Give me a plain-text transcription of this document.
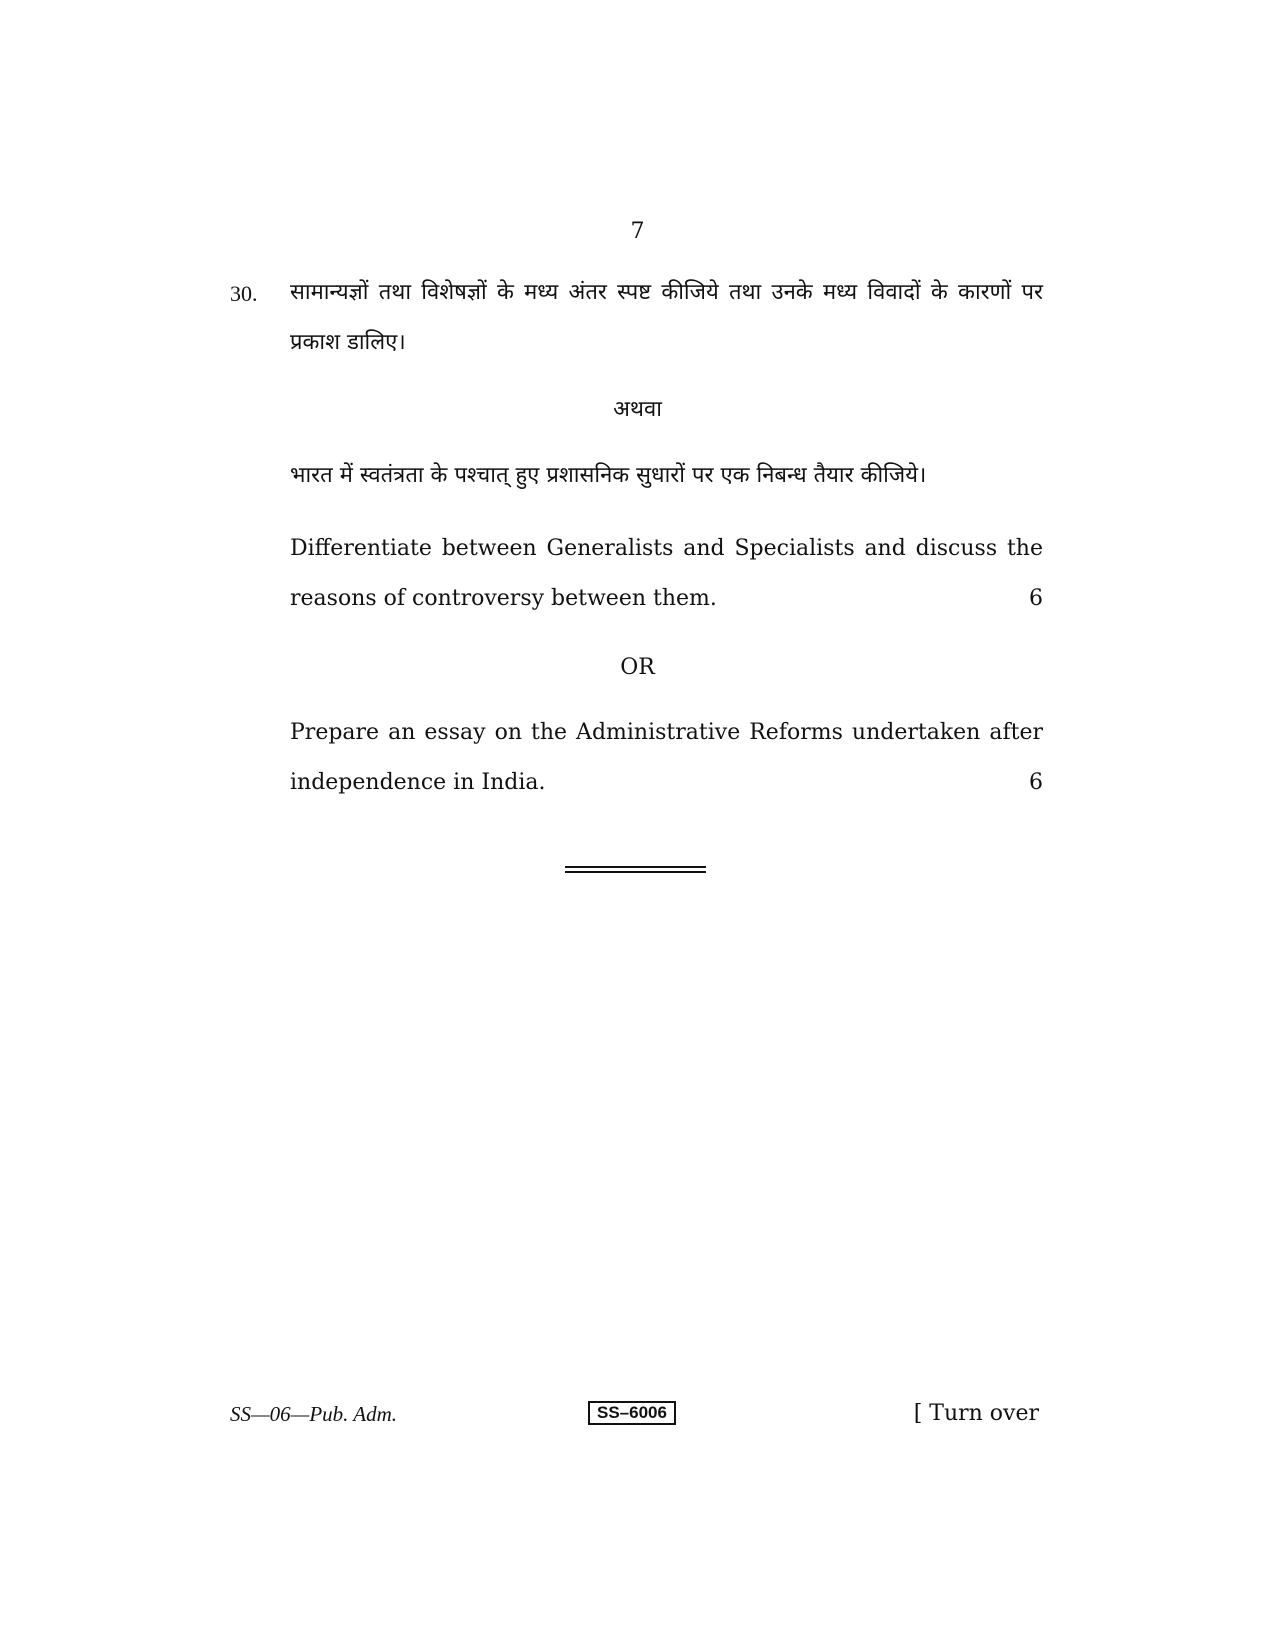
7
30. सामान्यज्ञों तथा विशेषज्ञों के मध्य अंतर स्पष्ट कीजिये तथा उनके मध्य विवादों के कारणों पर प्रकाश डालिए।
अथवा
भारत में स्वतंत्रता के पश्चात् हुए प्रशासनिक सुधारों पर एक निबन्ध तैयार कीजिये।
Differentiate between Generalists and Specialists and discuss the
reasons of controversy between them.	6
OR
Prepare an essay on the Administrative Reforms undertaken after
independence in India.	6
SS—06—Pub. Adm.	SS–6006	[ Turn over
